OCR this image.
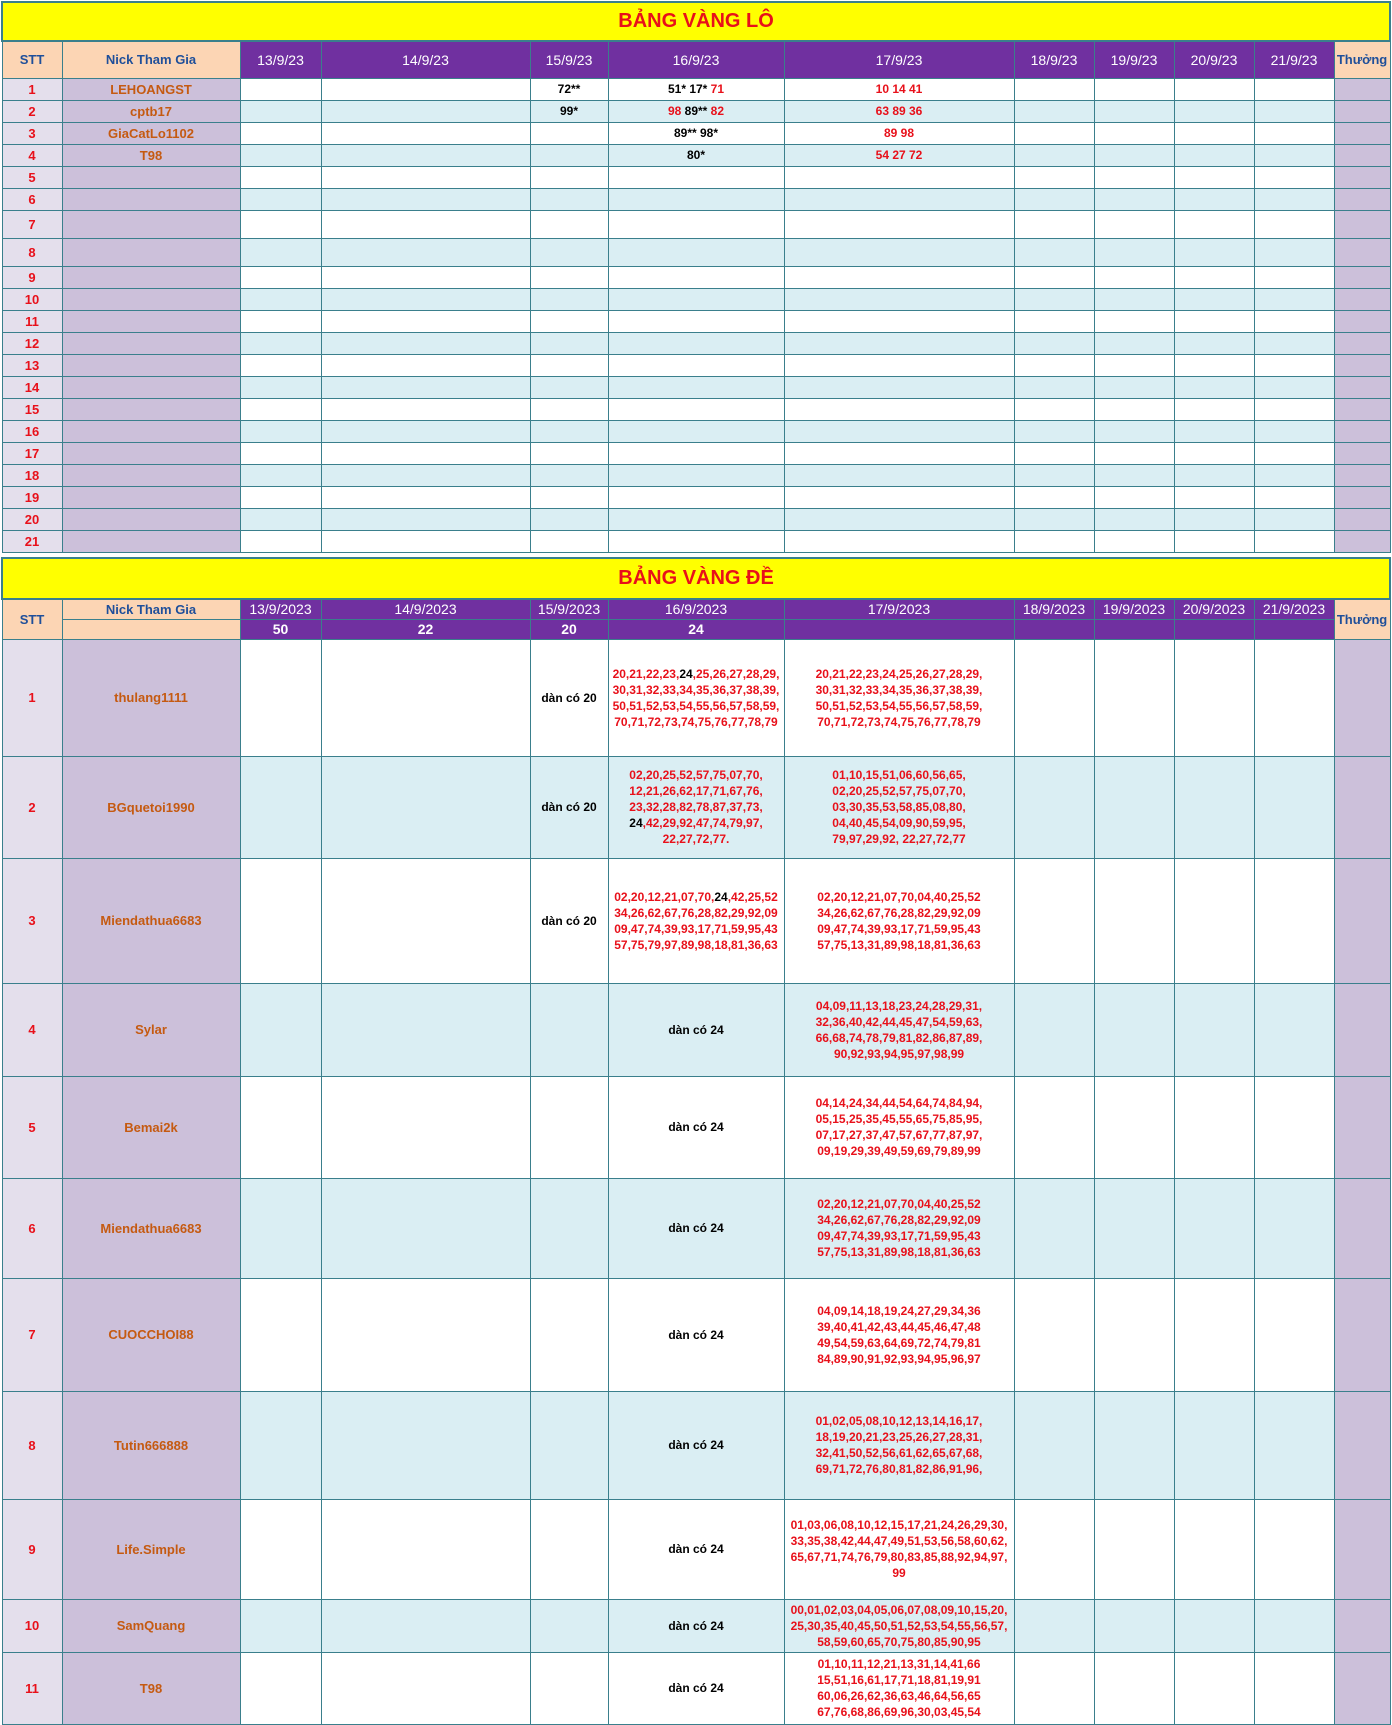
BẢNG VÀNG LÔ											
STT	Nick Tham Gia	13/9/23	14/9/23	15/9/23	16/9/23	17/9/23	18/9/23	19/9/23	20/9/23	21/9/23	Thưởng
1	LEHOANGST			72**	51* 17* 71	10 14 41					
2	cptb17			99*	98 89** 82	63 89 36					
3	GiaCatLo1102				89** 98*	89 98					
4	T98				80*	54 27 72					
5											
6											
7											
8											
9											
10											
11											
12											
13											
14											
15											
16											
17											
18											
19											
20											
21											
BẢNG VÀNG ĐỀ											
STT	Nick Tham Gia	13/9/2023	14/9/2023	15/9/2023	16/9/2023	17/9/2023	18/9/2023	19/9/2023	20/9/2023	21/9/2023	Thưởng
		50	22	20	24						
1	thulang1111			dàn có 20	20,21,22,23,24,25,26,27,28,29,
30,31,32,33,34,35,36,37,38,39,
50,51,52,53,54,55,56,57,58,59,
70,71,72,73,74,75,76,77,78,79	20,21,22,23,24,25,26,27,28,29,
30,31,32,33,34,35,36,37,38,39,
50,51,52,53,54,55,56,57,58,59,
70,71,72,73,74,75,76,77,78,79					
2	BGquetoi1990			dàn có 20	02,20,25,52,57,75,07,70,
12,21,26,62,17,71,67,76,
23,32,28,82,78,87,37,73,
24,42,29,92,47,74,79,97,
22,27,72,77.	01,10,15,51,06,60,56,65,
02,20,25,52,57,75,07,70,
03,30,35,53,58,85,08,80,
04,40,45,54,09,90,59,95,
79,97,29,92, 22,27,72,77					
3	Miendathua6683			dàn có 20	02,20,12,21,07,70,24,42,25,52
34,26,62,67,76,28,82,29,92,09
09,47,74,39,93,17,71,59,95,43
57,75,79,97,89,98,18,81,36,63	02,20,12,21,07,70,04,40,25,52
34,26,62,67,76,28,82,29,92,09
09,47,74,39,93,17,71,59,95,43
57,75,13,31,89,98,18,81,36,63					
4	Sylar				dàn có 24	04,09,11,13,18,23,24,28,29,31,
32,36,40,42,44,45,47,54,59,63,
66,68,74,78,79,81,82,86,87,89,
90,92,93,94,95,97,98,99					
5	Bemai2k				dàn có 24	04,14,24,34,44,54,64,74,84,94,
05,15,25,35,45,55,65,75,85,95,
07,17,27,37,47,57,67,77,87,97,
09,19,29,39,49,59,69,79,89,99					
6	Miendathua6683				dàn có 24	02,20,12,21,07,70,04,40,25,52
34,26,62,67,76,28,82,29,92,09
09,47,74,39,93,17,71,59,95,43
57,75,13,31,89,98,18,81,36,63					
7	CUOCCHOI88				dàn có 24	04,09,14,18,19,24,27,29,34,36
39,40,41,42,43,44,45,46,47,48
49,54,59,63,64,69,72,74,79,81
84,89,90,91,92,93,94,95,96,97					
8	Tutin666888				dàn có 24	01,02,05,08,10,12,13,14,16,17,
18,19,20,21,23,25,26,27,28,31,
32,41,50,52,56,61,62,65,67,68,
69,71,72,76,80,81,82,86,91,96,					
9	Life.Simple				dàn có 24	01,03,06,08,10,12,15,17,21,24,26,29,30,
33,35,38,42,44,47,49,51,53,56,58,60,62,
65,67,71,74,76,79,80,83,85,88,92,94,97,
99					
10	SamQuang				dàn có 24	00,01,02,03,04,05,06,07,08,09,10,15,20,
25,30,35,40,45,50,51,52,53,54,55,56,57,
58,59,60,65,70,75,80,85,90,95					
11	T98				dàn có 24	01,10,11,12,21,13,31,14,41,66
15,51,16,61,17,71,18,81,19,91
60,06,26,62,36,63,46,64,56,65
67,76,68,86,69,96,30,03,45,54					
